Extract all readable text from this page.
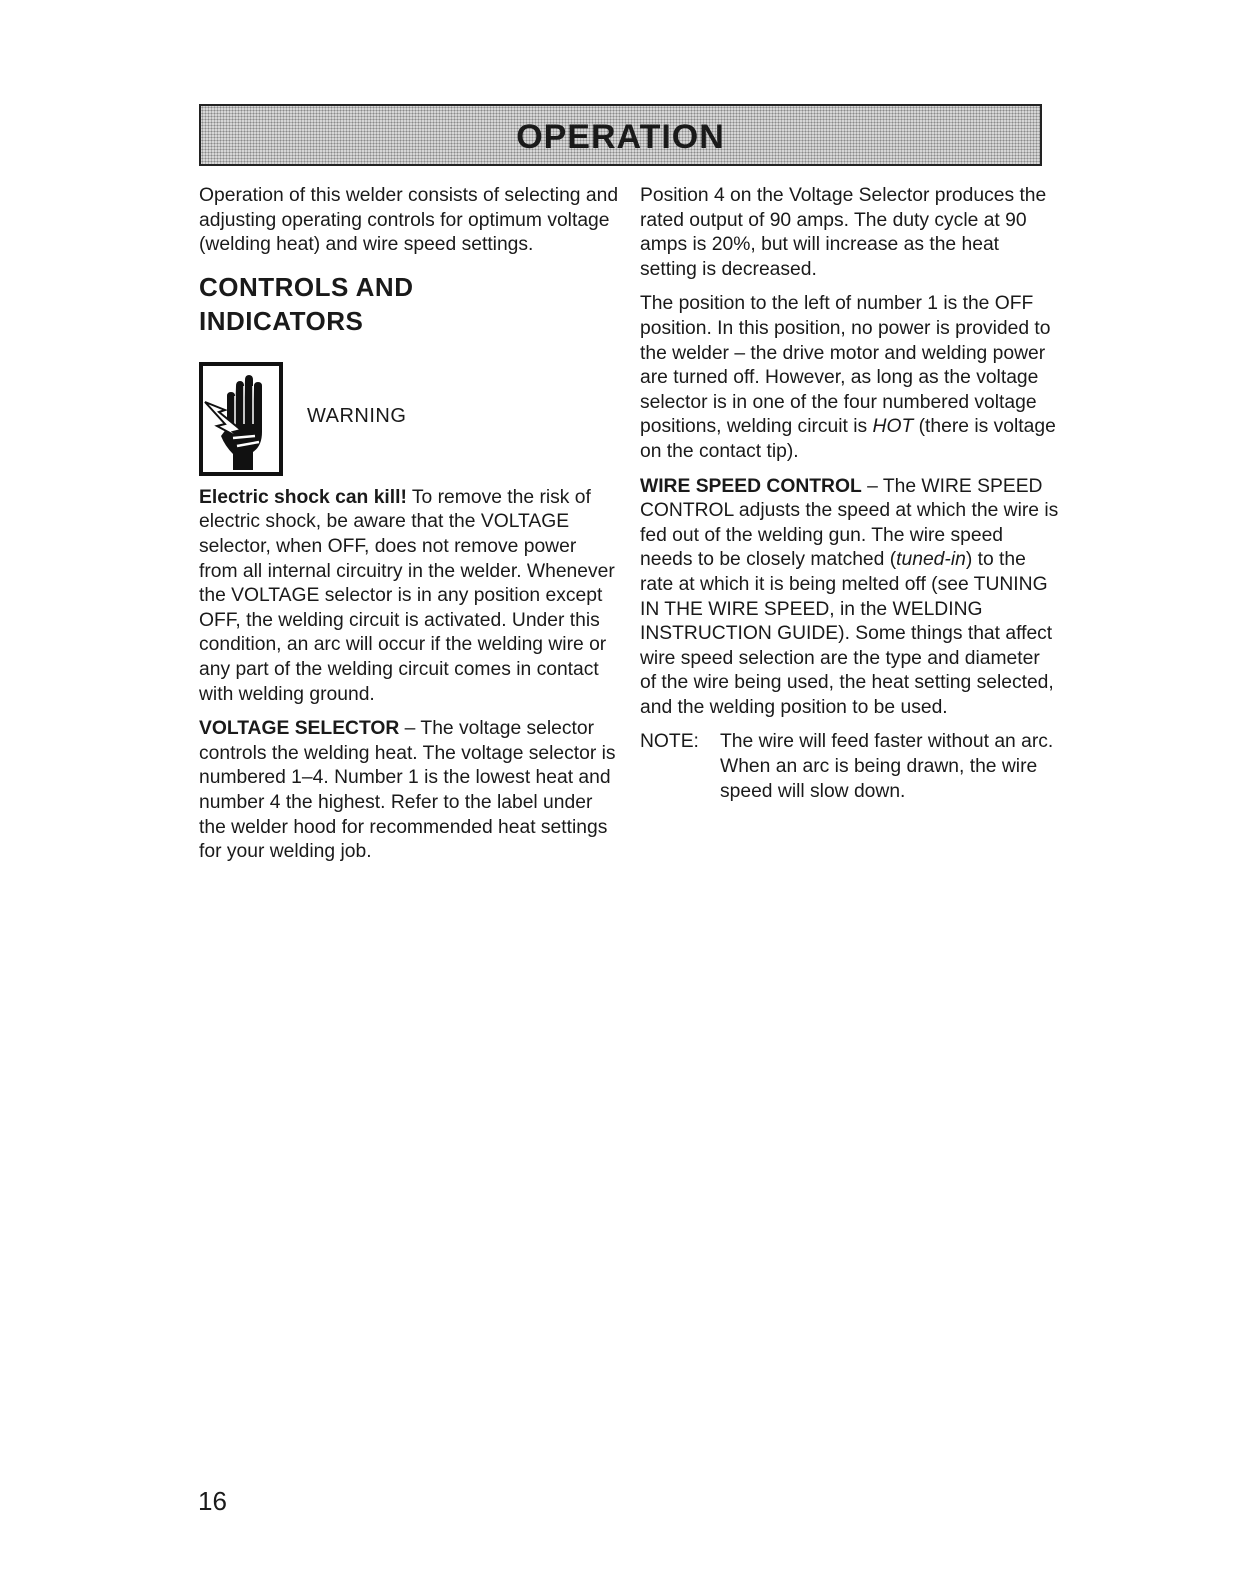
OPERATION

Operation of this welder consists of selecting and adjusting operating controls for optimum voltage (welding heat) and wire speed settings.

CONTROLS AND
INDICATORS
WARNING

Electric shock can kill! To remove the risk of electric shock, be aware that the VOLTAGE selector, when OFF, does not remove power from all internal circuitry in the welder. Whenever the VOLTAGE selector is in any position except OFF, the welding circuit is activated. Under this condition, an arc will occur if the welding wire or any part of the welding circuit comes in contact with welding ground.

VOLTAGE SELECTOR – The voltage selector controls the welding heat. The voltage selector is numbered 1–4. Number 1 is the lowest heat and number 4 the highest. Refer to the label under the welder hood for recommended heat settings for your welding job.

Position 4 on the Voltage Selector produces the rated output of 90 amps. The duty cycle at 90 amps is 20%, but will increase as the heat setting is decreased.

The position to the left of number 1 is the OFF position. In this position, no power is provided to the welder – the drive motor and welding power are turned off. However, as long as the voltage selector is in one of the four numbered voltage positions, welding circuit is HOT (there is voltage on the contact tip).

WIRE SPEED CONTROL – The WIRE SPEED CONTROL adjusts the speed at which the wire is fed out of the welding gun. The wire speed needs to be closely matched (tuned-in) to the rate at which it is being melted off (see TUNING IN THE WIRE SPEED, in the WELDING INSTRUCTION GUIDE). Some things that affect wire speed selection are the type and diameter of the wire being used, the heat setting selected, and the welding position to be used.

NOTE:	The wire will feed faster without an arc. When an arc is being drawn, the wire speed will slow down.
16
